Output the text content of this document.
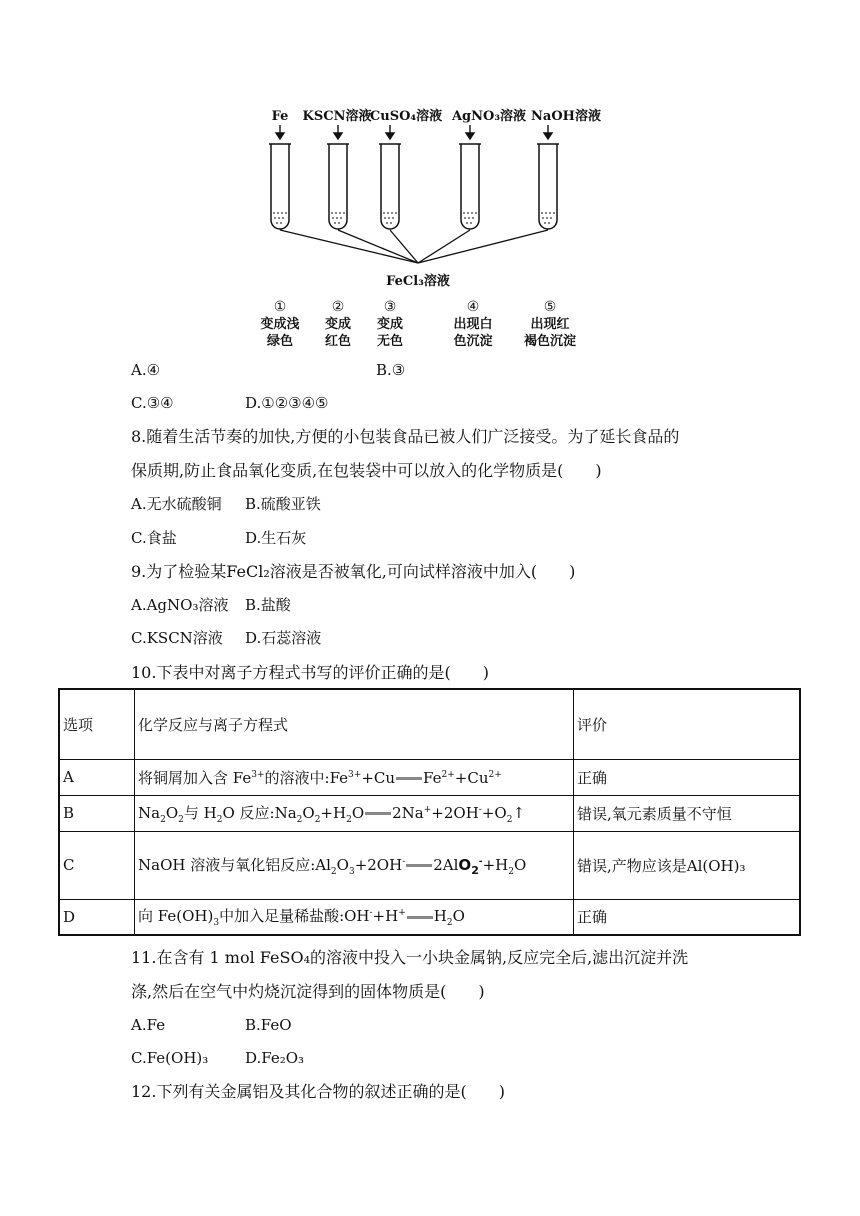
Fe KSCN溶液
CuSO₄溶液 AgNO₃溶液 NaOH溶液
FeCl₃溶液
①
变成浅
绿色
②
变成
红色
③
变成
无色
④
出现白
色沉淀
⑤
出现红
褐色沉淀
A.④	B.③
C.③④	D.①②③④⑤
8.随着生活节奏的加快,方便的小包装食品已被人们广泛接受。为了延长食品的
保质期,防止食品氧化变质,在包装袋中可以放入的化学物质是(　　)
A.无水硫酸铜 B.硫酸亚铁
C.食盐	D.生石灰
9.为了检验某FeCl₂溶液是否被氧化,可向试样溶液中加入(　　)
A.AgNO₃溶液 B.盐酸
C.KSCN溶液 D.石蕊溶液
10.下表中对离子方程式书写的评价正确的是(　　)
选项	化学反应与离子方程式	评价
A	将铜屑加入含 $Fe^{3+}$的溶液中$:Fe^{3+}+Cu$ $Fe^{2+}+Cu^{2+}$	正确
B	$Na_2O_2$与 $H_2O$ 反应$:Na_2O_2+H_2O$ $2Na^++2OH^-+O_2↑$	错误,氧元素质量不守恒
C	NaOH 溶液与氧化铝反应$:Al_2O_3+2OH^-$ $2AlO_2^-+H_2O$	错误,产物应该是Al(OH)₃
D	向 $Fe(OH)_3$中加入足量稀盐酸:OH-+H+ $H_2O$	正确
11.在含有 1 mol FeSO₄的溶液中投入一小块金属钠,反应完全后,滤出沉淀并洗
涤,然后在空气中灼烧沉淀得到的固体物质是(　　)
A.Fe	B.FeO
C.Fe(OH)₃ D.Fe₂O₃
12.下列有关金属铝及其化合物的叙述正确的是(　　)
